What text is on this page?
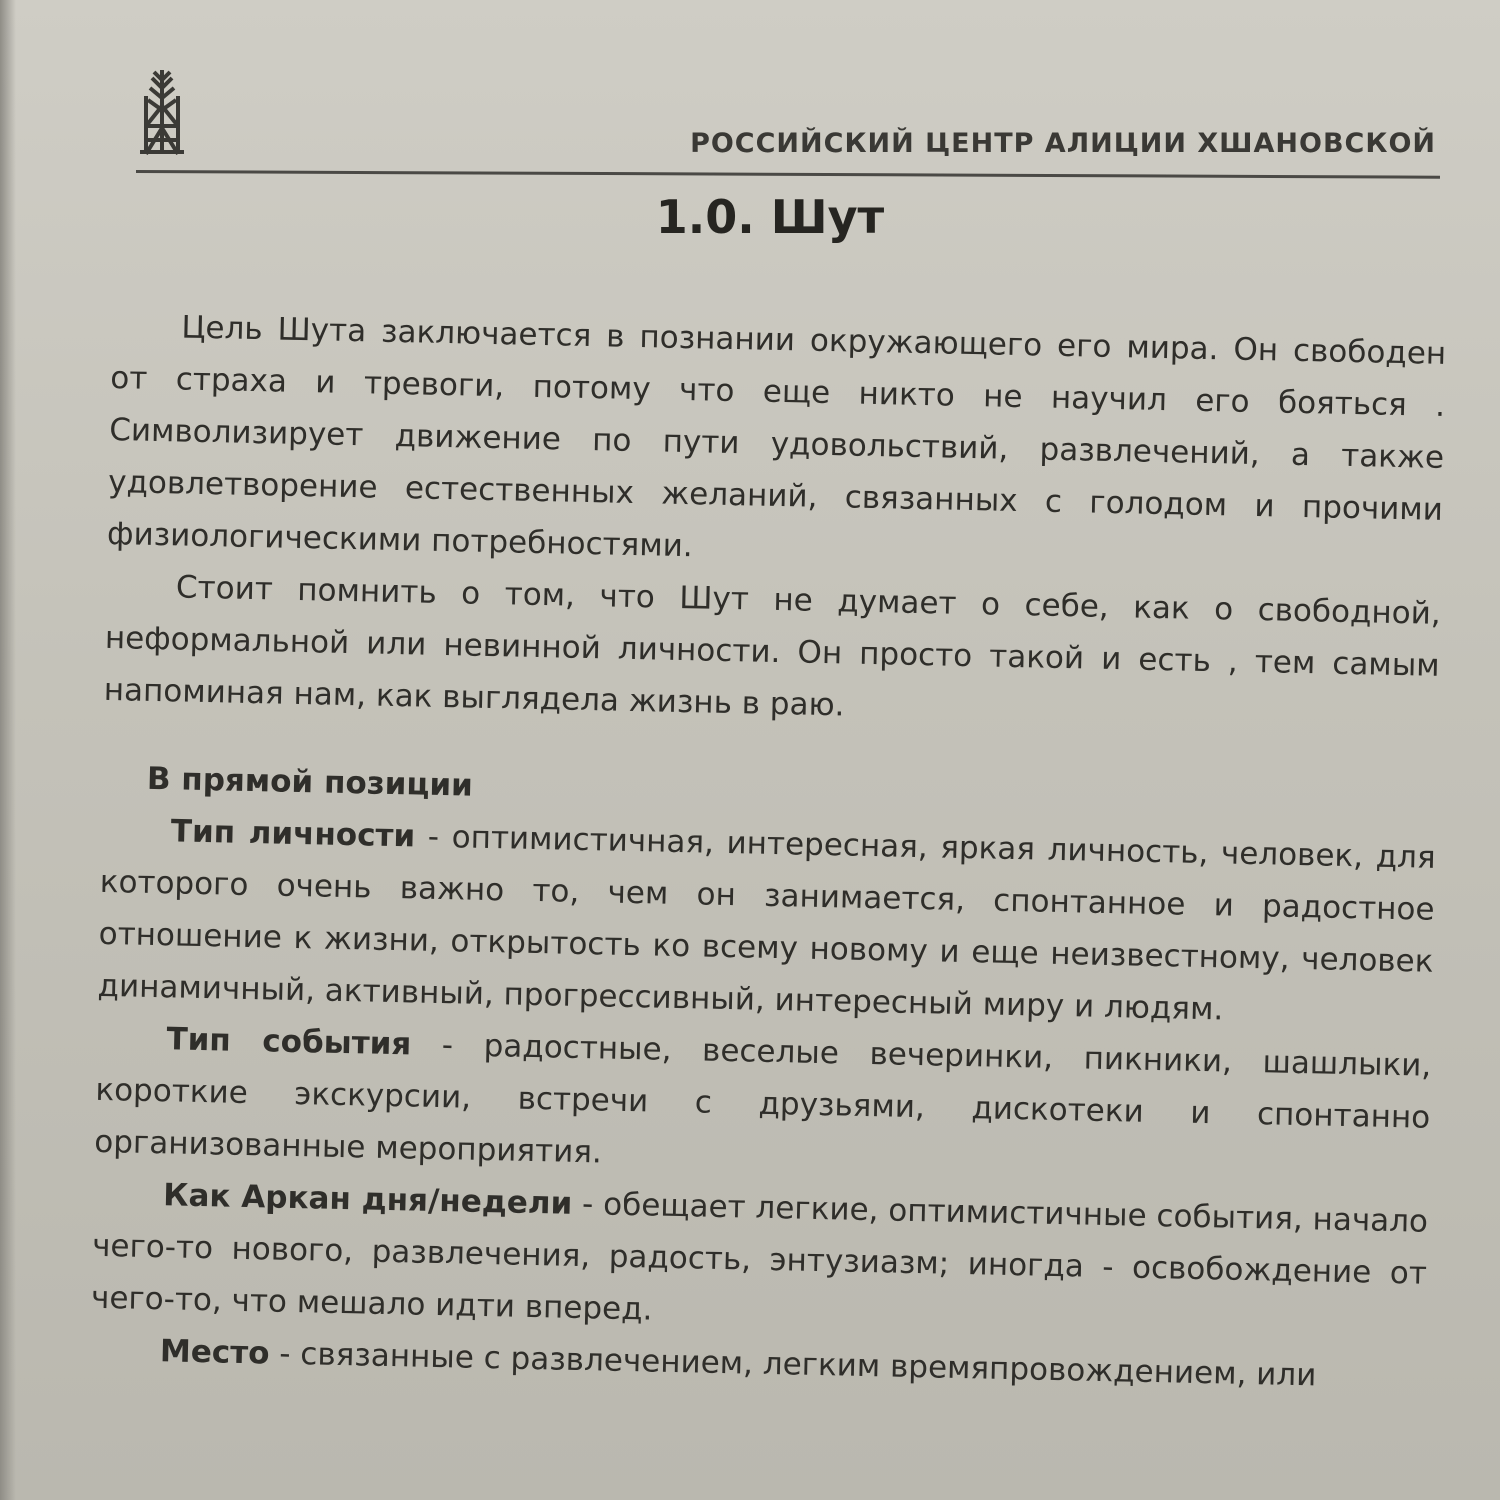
РОССИЙСКИЙ ЦЕНТР АЛИЦИИ ХШАНОВСКОЙ
1.0. Шут

Цель Шута заключается в познании окружающего его мира. Он свободен от страха и тревоги, потому что еще никто не научил его бояться . Символизирует движение по пути удовольствий, развлечений, а также удовлетворение естественных желаний, связанных с голодом и прочими физиологическими потребностями.

Стоит помнить о том, что Шут не думает о себе, как о свободной, неформальной или невинной личности. Он просто такой и есть , тем самым напоминая нам, как выглядела жизнь в раю.

В прямой позиции

Тип личности - оптимистичная, интересная, яркая личность, человек, для которого очень важно то, чем он занимается, спонтанное и радостное отношение к жизни, открытость ко всему новому и еще неизвестному, человек динамичный, активный, прогрессивный, интересный миру и людям.

Тип события - радостные, веселые вечеринки, пикники, шашлыки, короткие экскурсии, встречи с друзьями, дискотеки и спонтанно организованные мероприятия.

Как Аркан дня/недели - обещает легкие, оптимистичные события, начало чего-то нового, развлечения, радость, энтузиазм; иногда - освобождение от чего-то, что мешало идти вперед.

Место - связанные с развлечением, легким времяпровождением, или
